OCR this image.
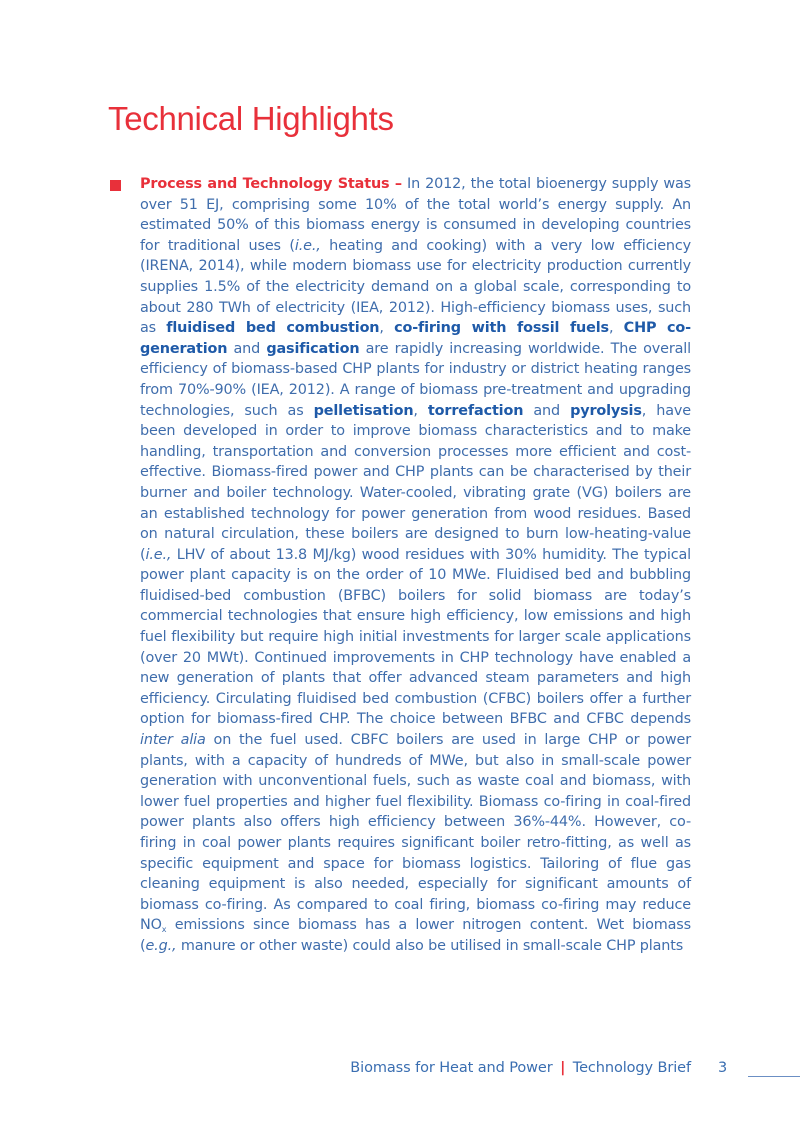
Technical Highlights

Process and Technology Status – In 2012, the total bioenergy supply was over 51 EJ, comprising some 10% of the total world’s energy supply. An estimated 50% of this biomass energy is consumed in developing countries for traditional uses (i.e., heating and cooking) with a very low efficiency (IRENA, 2014), while modern biomass use for electricity production currently supplies 1.5% of the electricity demand on a global scale, corresponding to about 280 TWh of electricity (IEA, 2012). High-efficiency biomass uses, such as fluidised bed combustion, co-firing with fossil fuels, CHP co-generation and gasification are rapidly increasing worldwide. The overall efficiency of biomass-based CHP plants for industry or district heating ranges from 70%-90% (IEA, 2012). A range of biomass pre-treatment and upgrading technologies, such as pelletisation, torrefaction and pyrolysis, have been developed in order to improve biomass characteristics and to make handling, transportation and conversion processes more efficient and cost-effective. Biomass-fired power and CHP plants can be characterised by their burner and boiler technology. Water-cooled, vibrating grate (VG) boilers are an established technology for power generation from wood residues. Based on natural circulation, these boilers are designed to burn low-heating-value (i.e., LHV of about 13.8 MJ/kg) wood residues with 30% humidity. The typical power plant capacity is on the order of 10 MWe. Fluidised bed and bubbling fluidised-bed combustion (BFBC) boilers for solid biomass are today’s commercial technologies that ensure high efficiency, low emissions and high fuel flexibility but require high initial investments for larger scale applications (over 20 MWt). Continued improvements in CHP technology have enabled a new generation of plants that offer advanced steam parameters and high efficiency. Circulating fluidised bed combustion (CFBC) boilers offer a further option for biomass-fired CHP. The choice between BFBC and CFBC depends inter alia on the fuel used. CBFC boilers are used in large CHP or power plants, with a capacity of hundreds of MWe, but also in small-scale power generation with unconventional fuels, such as waste coal and biomass, with lower fuel properties and higher fuel flexibility. Biomass co-firing in coal-fired power plants also offers high efficiency between 36%-44%. However, co-firing in coal power plants requires significant boiler retro-fitting, as well as specific equipment and space for biomass logistics. Tailoring of flue gas cleaning equipment is also needed, especially for significant amounts of biomass co-firing. As compared to coal firing, biomass co-firing may reduce $NO_x$ emissions since biomass has a lower nitrogen content. Wet biomass (e.g., manure or other waste) could also be utilised in small-scale CHP plants

Biomass for Heat and Power | Technology Brief 3
